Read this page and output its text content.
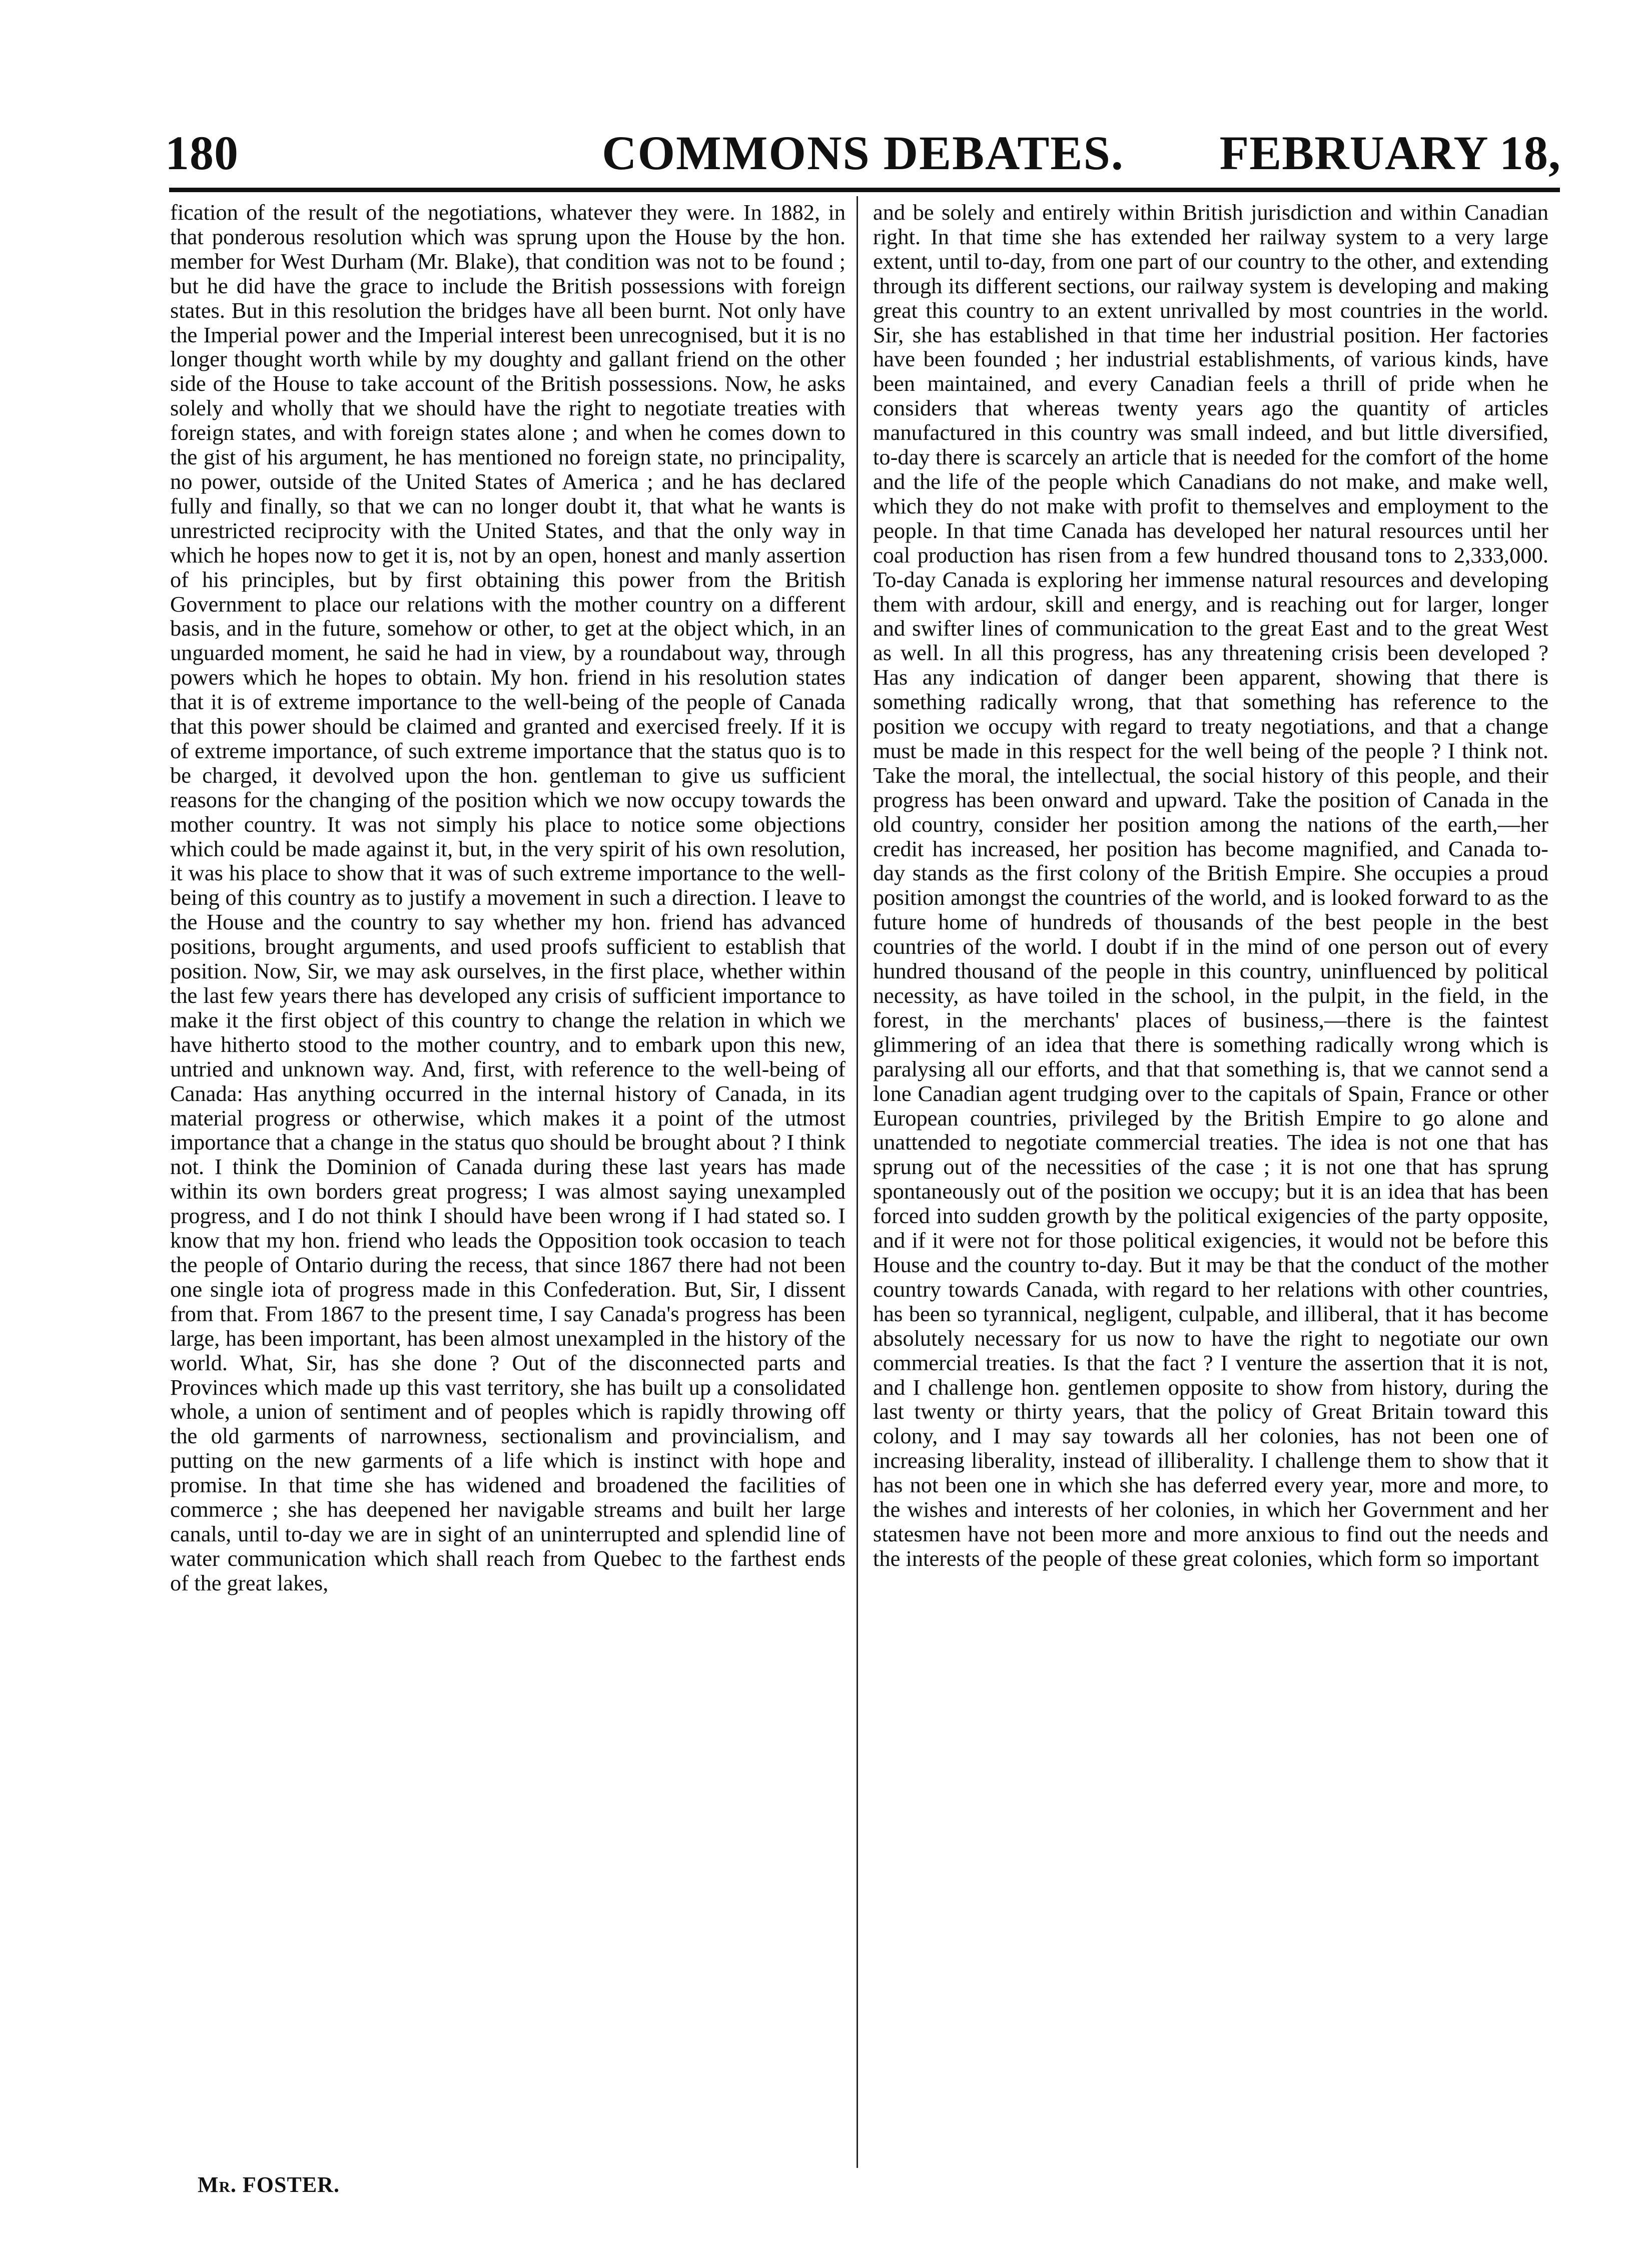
180	COMMONS DEBATES.	FEBRUARY 18,

fication of the result of the negotiations, whatever they were. In 1882, in that ponderous resolution which was sprung upon the House by the hon. member for West Durham (Mr. Blake), that condition was not to be found ; but he did have the grace to include the British possessions with foreign states. But in this resolution the bridges have all been burnt. Not only have the Imperial power and the Imperial interest been unrecognised, but it is no longer thought worth while by my doughty and gallant friend on the other side of the House to take account of the British possessions. Now, he asks solely and wholly that we should have the right to negotiate treaties with foreign states, and with foreign states alone ; and when he comes down to the gist of his argument, he has mentioned no foreign state, no principality, no power, outside of the United States of America ; and he has declared fully and finally, so that we can no longer doubt it, that what he wants is unrestricted reciprocity with the United States, and that the only way in which he hopes now to get it is, not by an open, honest and manly assertion of his principles, but by first obtaining this power from the British Government to place our relations with the mother country on a different basis, and in the future, somehow or other, to get at the object which, in an unguarded moment, he said he had in view, by a roundabout way, through powers which he hopes to obtain. My hon. friend in his resolution states that it is of extreme importance to the well-being of the people of Canada that this power should be claimed and granted and exercised freely. If it is of extreme importance, of such extreme importance that the status quo is to be charged, it devolved upon the hon. gentleman to give us sufficient reasons for the changing of the position which we now occupy towards the mother country. It was not simply his place to notice some objections which could be made against it, but, in the very spirit of his own resolution, it was his place to show that it was of such extreme importance to the well-being of this country as to justify a movement in such a direction. I leave to the House and the country to say whether my hon. friend has advanced positions, brought arguments, and used proofs sufficient to establish that position. Now, Sir, we may ask ourselves, in the first place, whether within the last few years there has developed any crisis of sufficient importance to make it the first object of this country to change the relation in which we have hitherto stood to the mother country, and to embark upon this new, untried and unknown way. And, first, with reference to the well-being of Canada: Has anything occurred in the internal history of Canada, in its material progress or otherwise, which makes it a point of the utmost importance that a change in the status quo should be brought about ? I think not. I think the Dominion of Canada during these last years has made within its own borders great progress; I was almost saying unexampled progress, and I do not think I should have been wrong if I had stated so. I know that my hon. friend who leads the Opposition took occasion to teach the people of Ontario during the recess, that since 1867 there had not been one single iota of progress made in this Confederation. But, Sir, I dissent from that. From 1867 to the present time, I say Canada's progress has been large, has been important, has been almost unexampled in the history of the world. What, Sir, has she done ? Out of the disconnected parts and Provinces which made up this vast territory, she has built up a consolidated whole, a union of sentiment and of peoples which is rapidly throwing off the old garments of narrowness, sectionalism and provincialism, and putting on the new garments of a life which is instinct with hope and promise. In that time she has widened and broadened the facilities of commerce ; she has deepened her navigable streams and built her large canals, until to-day we are in sight of an uninterrupted and splendid line of water communication which shall reach from Quebec to the farthest ends of the great lakes,

and be solely and entirely within British jurisdiction and within Canadian right. In that time she has extended her railway system to a very large extent, until to-day, from one part of our country to the other, and extending through its different sections, our railway system is developing and making great this country to an extent unrivalled by most countries in the world. Sir, she has established in that time her industrial position. Her factories have been founded ; her industrial establishments, of various kinds, have been maintained, and every Canadian feels a thrill of pride when he considers that whereas twenty years ago the quantity of articles manufactured in this country was small indeed, and but little diversified, to-day there is scarcely an article that is needed for the comfort of the home and the life of the people which Canadians do not make, and make well, which they do not make with profit to themselves and employment to the people. In that time Canada has developed her natural resources until her coal production has risen from a few hundred thousand tons to 2,333,000. To-day Canada is exploring her immense natural resources and developing them with ardour, skill and energy, and is reaching out for larger, longer and swifter lines of communication to the great East and to the great West as well. In all this progress, has any threatening crisis been developed ? Has any indication of danger been apparent, showing that there is something radically wrong, that that something has reference to the position we occupy with regard to treaty negotiations, and that a change must be made in this respect for the well being of the people ? I think not. Take the moral, the intellectual, the social history of this people, and their progress has been onward and upward. Take the position of Canada in the old country, consider her position among the nations of the earth,—her credit has increased, her position has become magnified, and Canada to-day stands as the first colony of the British Empire. She occupies a proud position amongst the countries of the world, and is looked forward to as the future home of hundreds of thousands of the best people in the best countries of the world. I doubt if in the mind of one person out of every hundred thousand of the people in this country, uninfluenced by political necessity, as have toiled in the school, in the pulpit, in the field, in the forest, in the merchants' places of business,—there is the faintest glimmering of an idea that there is something radically wrong which is paralysing all our efforts, and that that something is, that we cannot send a lone Canadian agent trudging over to the capitals of Spain, France or other European countries, privileged by the British Empire to go alone and unattended to negotiate commercial treaties. The idea is not one that has sprung out of the necessities of the case ; it is not one that has sprung spontaneously out of the position we occupy; but it is an idea that has been forced into sudden growth by the political exigencies of the party opposite, and if it were not for those political exigencies, it would not be before this House and the country to-day. But it may be that the conduct of the mother country towards Canada, with regard to her relations with other countries, has been so tyrannical, negligent, culpable, and illiberal, that it has become absolutely necessary for us now to have the right to negotiate our own commercial treaties. Is that the fact ? I venture the assertion that it is not, and I challenge hon. gentlemen opposite to show from history, during the last twenty or thirty years, that the policy of Great Britain toward this colony, and I may say towards all her colonies, has not been one of increasing liberality, instead of illiberality. I challenge them to show that it has not been one in which she has deferred every year, more and more, to the wishes and interests of her colonies, in which her Government and her statesmen have not been more and more anxious to find out the needs and the interests of the people of these great colonies, which form so important

Mr. FOSTER.
